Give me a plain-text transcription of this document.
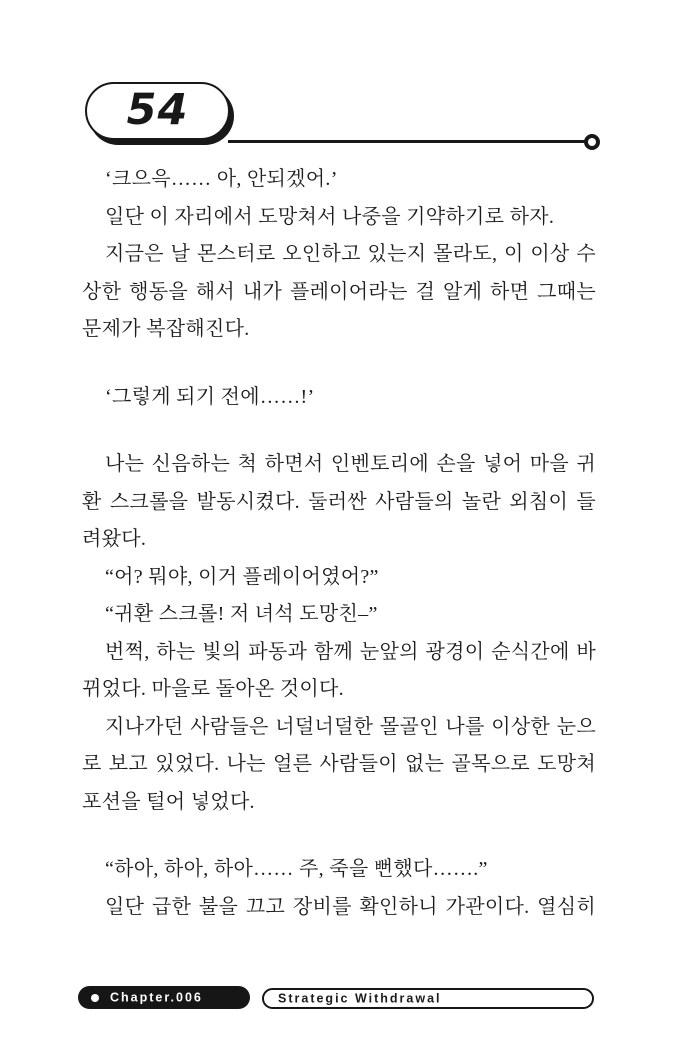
54
‘크으윽…… 아, 안되겠어.’
일단 이 자리에서 도망쳐서 나중을 기약하기로 하자.
지금은 날 몬스터로 오인하고 있는지 몰라도, 이 이상 수
상한 행동을 해서 내가 플레이어라는 걸 알게 하면 그때는
문제가 복잡해진다.
‘그렇게 되기 전에……!’
나는 신음하는 척 하면서 인벤토리에 손을 넣어 마을 귀
환 스크롤을 발동시켰다. 둘러싼 사람들의 놀란 외침이 들
려왔다.
“어? 뭐야, 이거 플레이어였어?”
“귀환 스크롤! 저 녀석 도망친–”
번쩍, 하는 빛의 파동과 함께 눈앞의 광경이 순식간에 바
뀌었다. 마을로 돌아온 것이다.
지나가던 사람들은 너덜너덜한 몰골인 나를 이상한 눈으
로 보고 있었다. 나는 얼른 사람들이 없는 골목으로 도망쳐
포션을 털어 넣었다.
“하아, 하아, 하아…… 주, 죽을 뻔했다…….”
일단 급한 불을 끄고 장비를 확인하니 가관이다. 열심히
Chapter.006	Strategic Withdrawal
